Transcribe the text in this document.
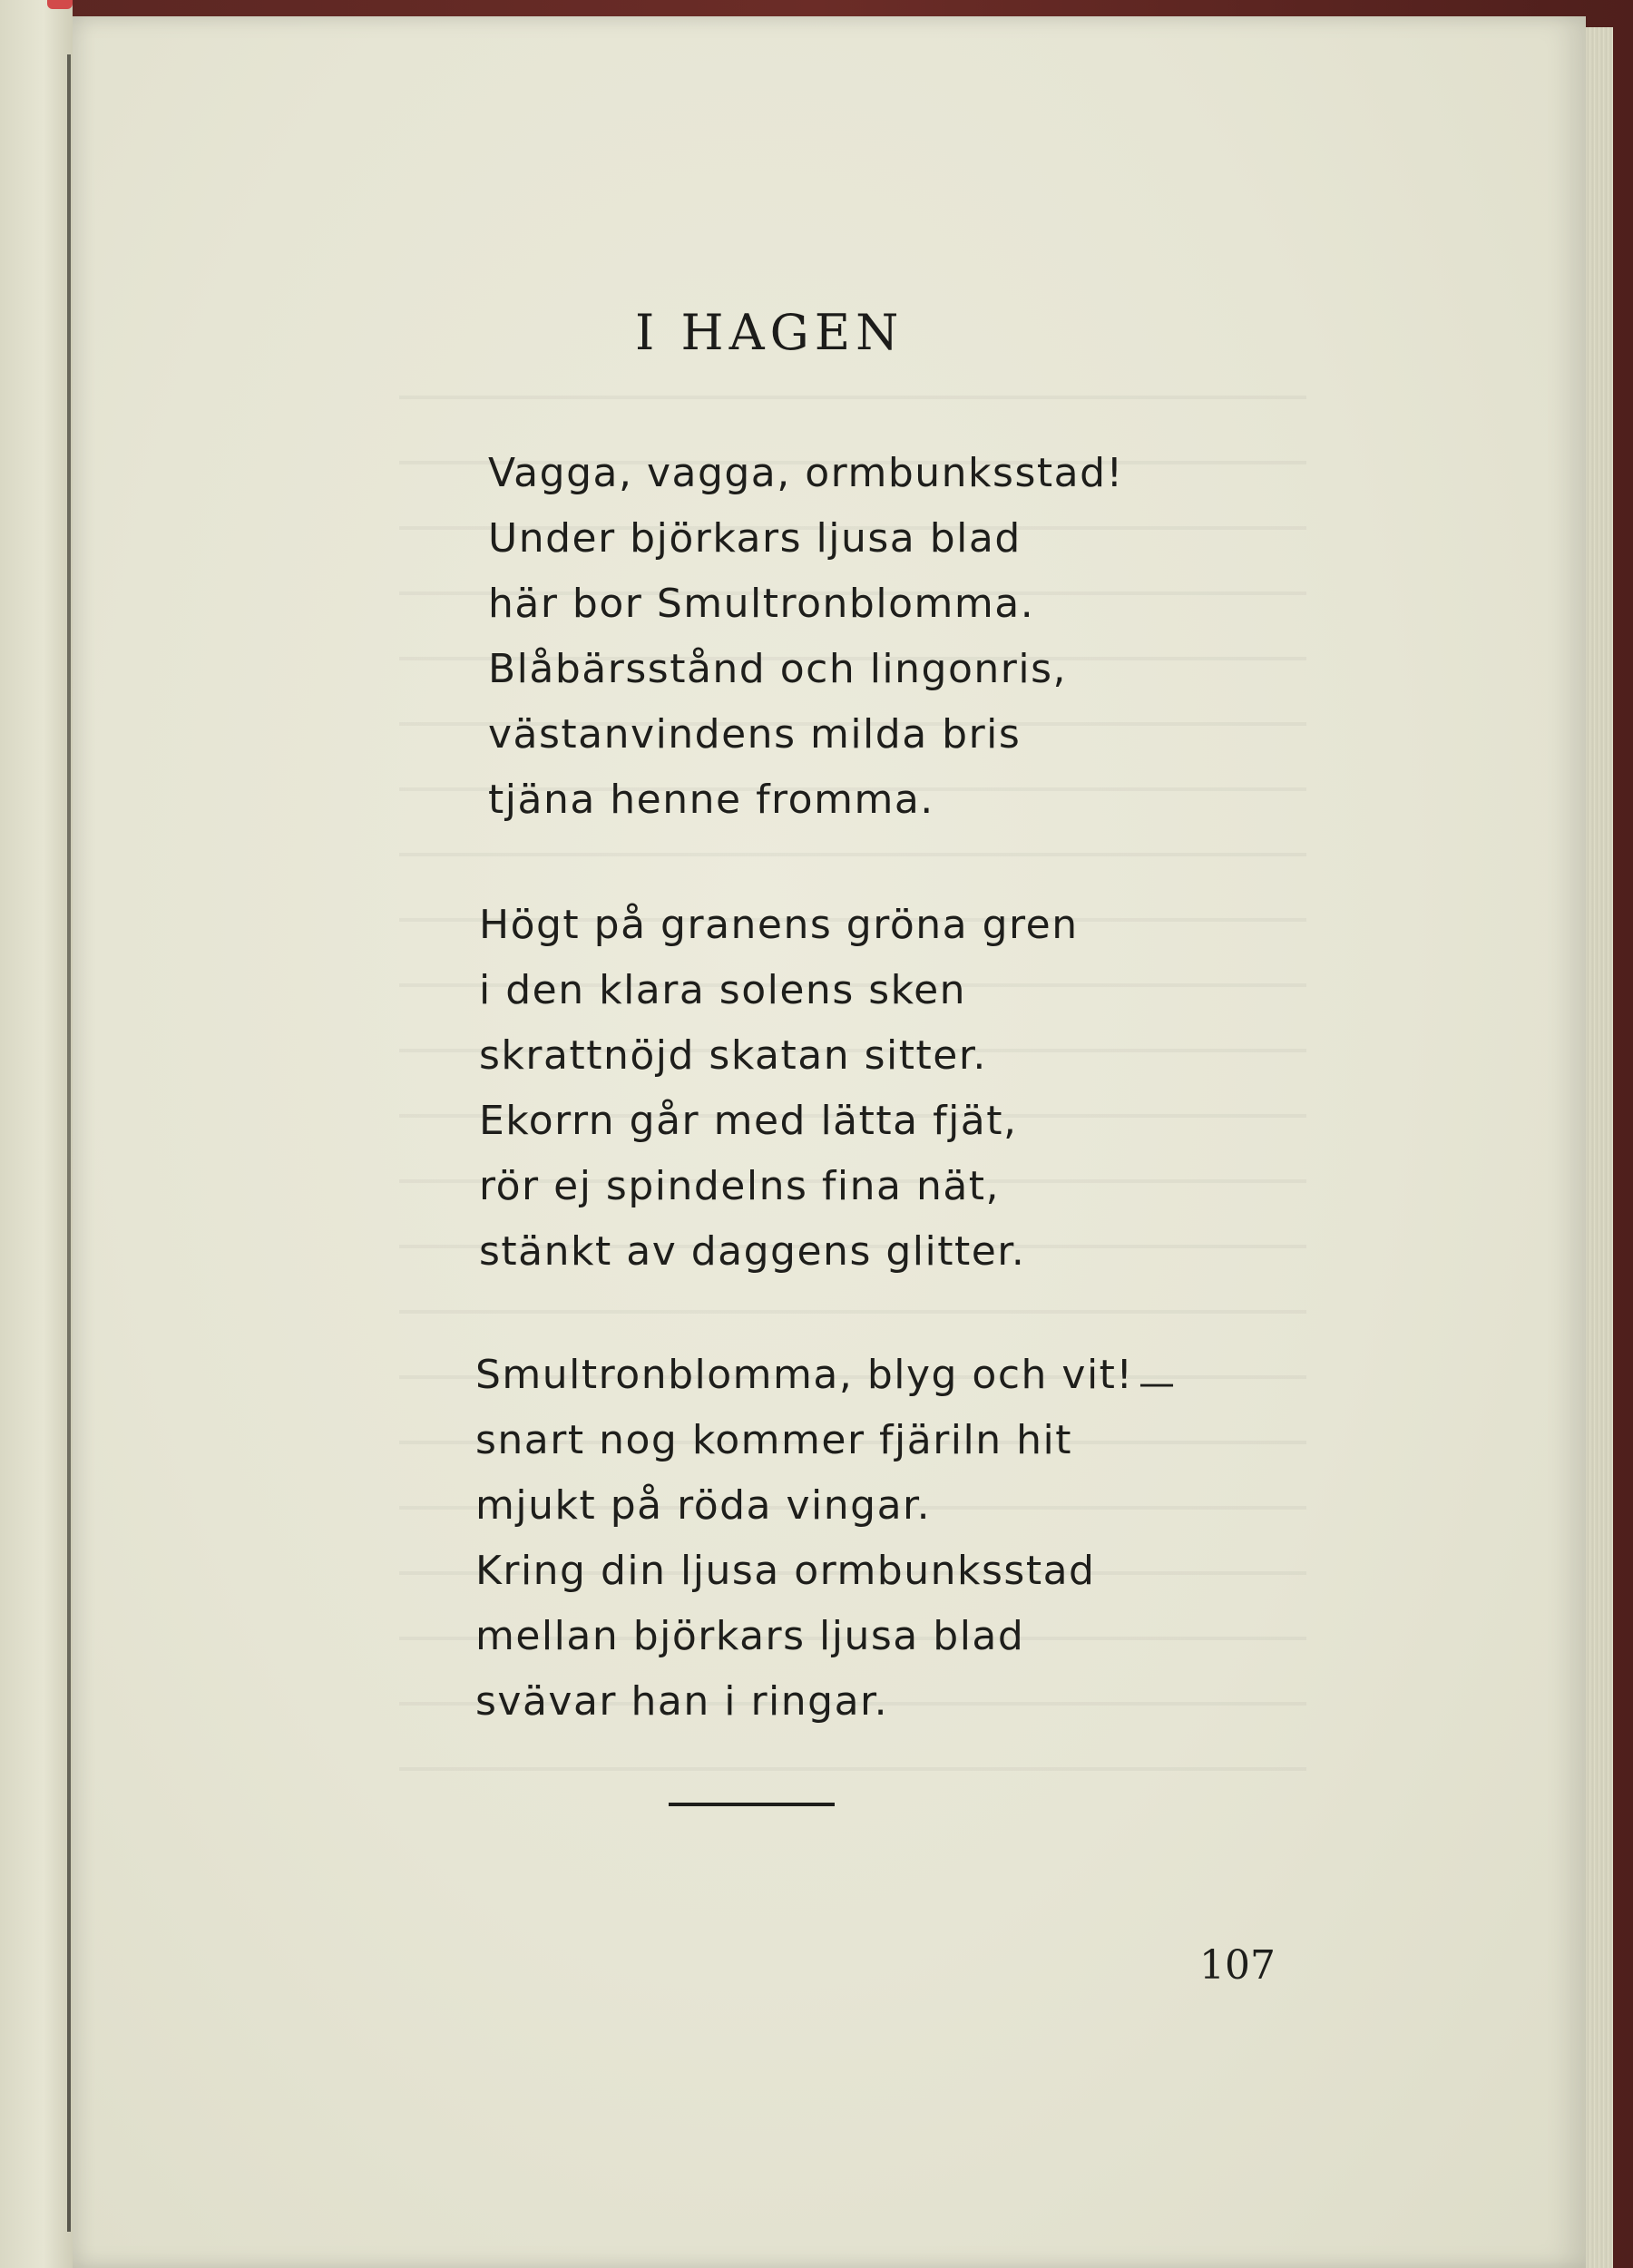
I HAGEN
Vagga, vagga, ormbunksstad!
Under björkars ljusa blad
här bor Smultronblomma.
Blåbärsstånd och lingonris,
västanvindens milda bris
tjäna henne fromma.
Högt på granens gröna gren
i den klara solens sken
skrattnöjd skatan sitter.
Ekorrn går med lätta fjät,
rör ej spindelns fina nät,
stänkt av daggens glitter.
Smultronblomma, blyg och vit!
snart nog kommer fjäriln hit
mjukt på röda vingar.
Kring din ljusa ormbunksstad
mellan björkars ljusa blad
svävar han i ringar.
—
107
